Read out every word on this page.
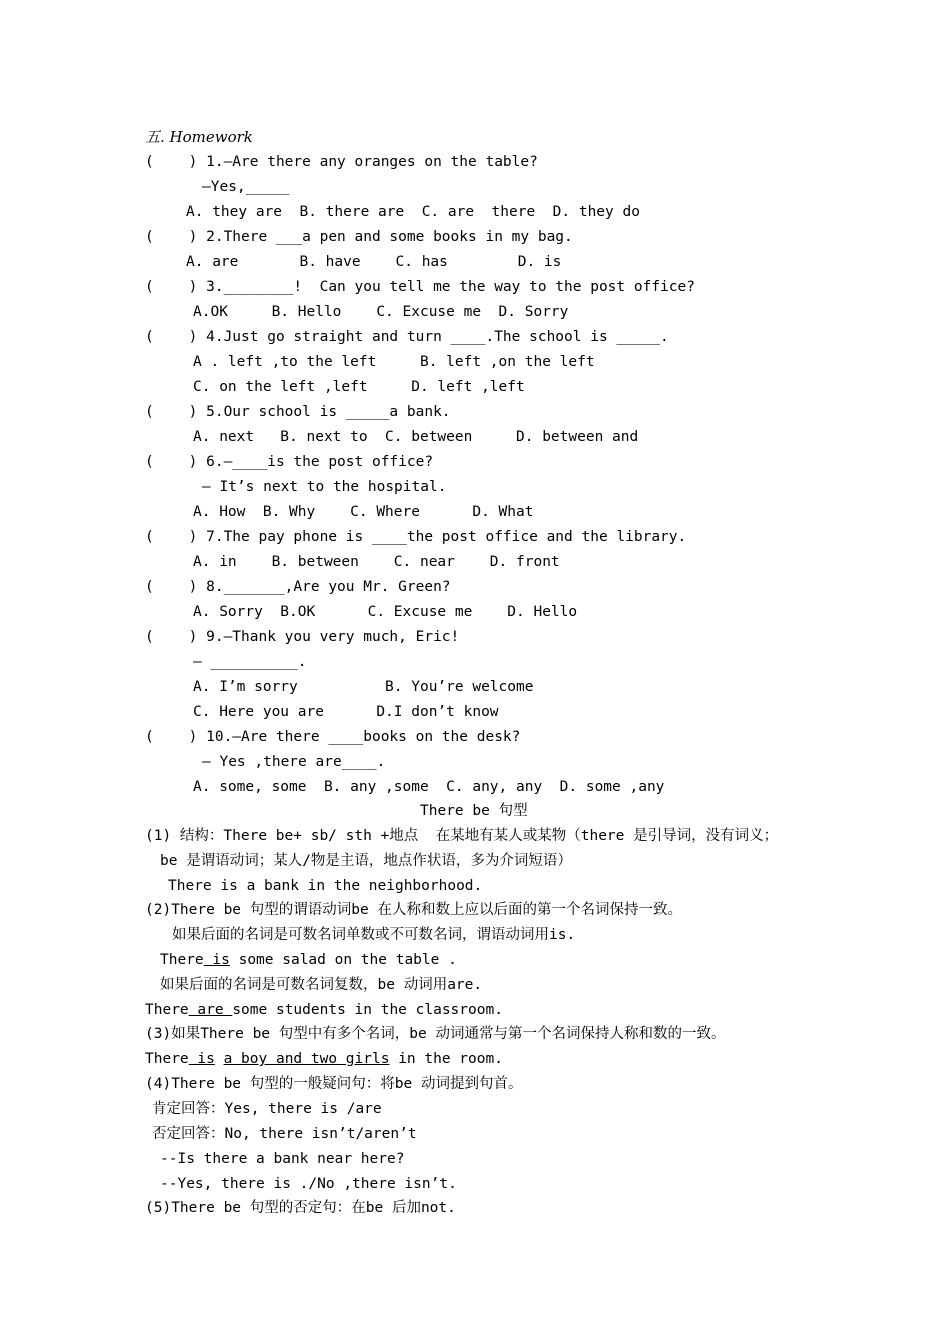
五. Homework
(    ) 1.—Are there any oranges on the table?
—Yes,_____
A. they are  B. there are  C. are  there  D. they do
(    ) 2.There ___a pen and some books in my bag.
A. are       B. have    C. has        D. is
(    ) 3.________!  Can you tell me the way to the post office?
A.OK     B. Hello    C. Excuse me  D. Sorry
(    ) 4.Just go straight and turn ____.The school is _____.
A . left ,to the left     B. left ,on the left
C. on the left ,left     D. left ,left
(    ) 5.Our school is _____a bank.
A. next   B. next to  C. between     D. between and
(    ) 6.—____is the post office?
— It’s next to the hospital.
A. How  B. Why    C. Where      D. What
(    ) 7.The pay phone is ____the post office and the library.
A. in    B. between    C. near    D. front
(    ) 8._______,Are you Mr. Green?
A. Sorry  B.OK      C. Excuse me    D. Hello
(    ) 9.—Thank you very much, Eric!
— __________.
A. I’m sorry          B. You’re welcome
C. Here you are      D.I don’t know
(    ) 10.—Are there ____books on the desk?
— Yes ,there are____.
A. some, some  B. any ,some  C. any, any  D. some ,any
There be 句型
(1) 结构：There be+ sb/ sth +地点  在某地有某人或某物（there 是引导词，没有词义；
be 是谓语动词；某人/物是主语，地点作状语，多为介词短语）
There is a bank in the neighborhood.
(2)There be 句型的谓语动词be 在人称和数上应以后面的第一个名词保持一致。
如果后面的名词是可数名词单数或不可数名词，谓语动词用is.
There is some salad on the table .
如果后面的名词是可数名词复数，be 动词用are.
There are some students in the classroom.
(3)如果There be 句型中有多个名词，be 动词通常与第一个名词保持人称和数的一致。
There is a boy and two girls in the room.
(4)There be 句型的一般疑问句：将be 动词提到句首。
肯定回答：Yes, there is /are
否定回答：No, there isn’t/aren’t
--Is there a bank near here?
--Yes, there is ./No ,there isn’t.
(5)There be 句型的否定句：在be 后加not.
